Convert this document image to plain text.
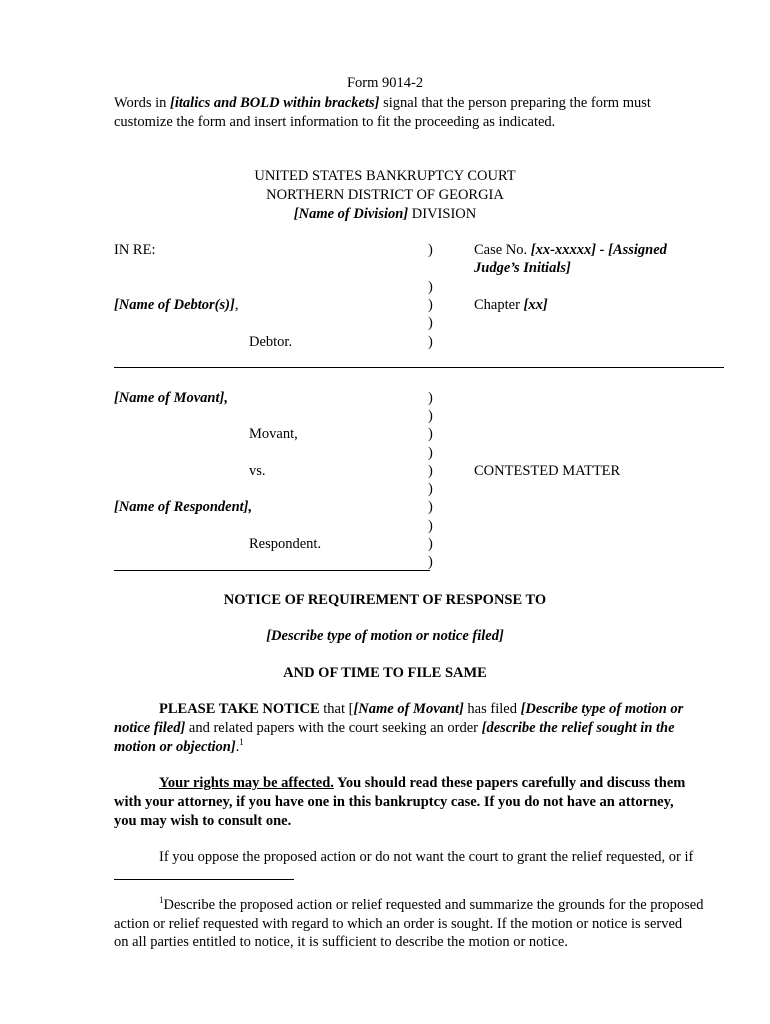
Form 9014-2
Words in [italics and BOLD within brackets] signal that the person preparing the form must
customize the form and insert information to fit the proceeding as indicated.
UNITED STATES BANKRUPTCY COURT
NORTHERN DISTRICT OF GEORGIA
[Name of Division] DIVISION
IN RE:	Case No. [xx-xxxxx] - [Assigned
Judge’s Initials]
[Name of Debtor(s)],	Chapter [xx]
Debtor.
)
)
)
)
)
[Name of Movant],
Movant,
vs.	CONTESTED MATTER
[Name of Respondent],
Respondent.
)
)
)
)
)
)
)
)
)
)
NOTICE OF REQUIREMENT OF RESPONSE TO
[Describe type of motion or notice filed]
AND OF TIME TO FILE SAME
PLEASE TAKE NOTICE that [[Name of Movant] has filed [Describe type of motion or
notice filed] and related papers with the court seeking an order [describe the relief sought in the
motion or objection].$^1$
Your rights may be affected. You should read these papers carefully and discuss them
with your attorney, if you have one in this bankruptcy case. If you do not have an attorney,
you may wish to consult one.
If you oppose the proposed action or do not want the court to grant the relief requested, or if
$^1$Describe the proposed action or relief requested and summarize the grounds for the proposed
action or relief requested with regard to which an order is sought. If the motion or notice is served
on all parties entitled to notice, it is sufficient to describe the motion or notice.
